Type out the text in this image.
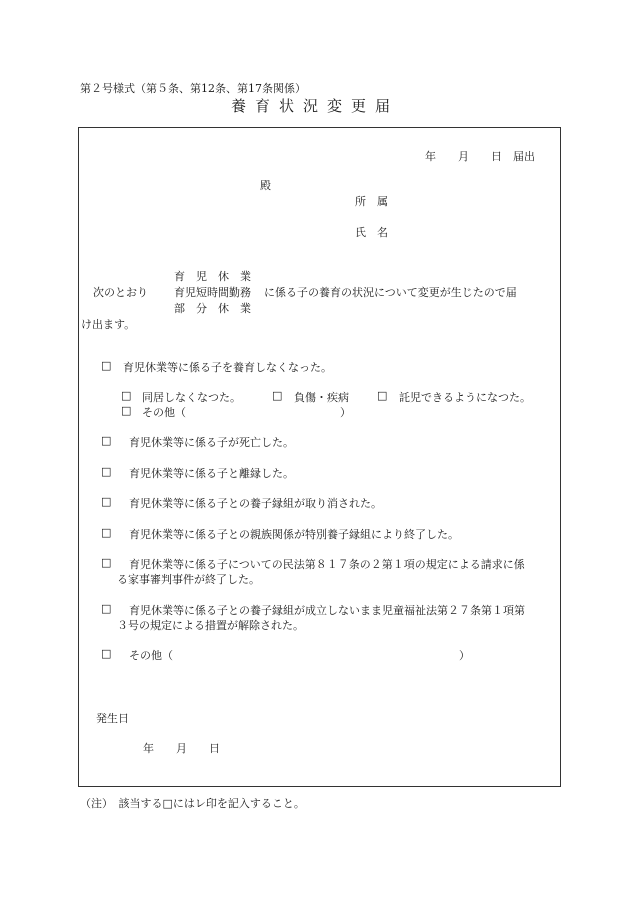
第２号様式（第５条、第12条、第17条関係）
養育状況変更届
年　　月　　日　届出
殿
所　属
氏　名
育　児　休　業
次のとおり 育児短時間勤務 に係る子の養育の状況について変更が生じたので届
部　分　休　業
け出ます。
□ 育児休業等に係る子を養育しなくなった。
□ 同居しなくなつた。	□ 負傷・疾病	□ 託児できるようになつた。
□ その他（　　　　　　　　　　　　　　）
□ 育児休業等に係る子が死亡した。
□ 育児休業等に係る子と離縁した。
□ 育児休業等に係る子との養子縁組が取り消された。
□ 育児休業等に係る子との親族関係が特別養子縁組により終了した。
□ 育児休業等に係る子についての民法第８１７条の２第１項の規定による請求に係
る家事審判事件が終了した。
□ 育児休業等に係る子との養子縁組が成立しないまま児童福祉法第２７条第１項第
３号の規定による措置が解除された。
□ その他（	）
発生日
年　　月　　日
（注）　該当する□にはレ印を記入すること。
